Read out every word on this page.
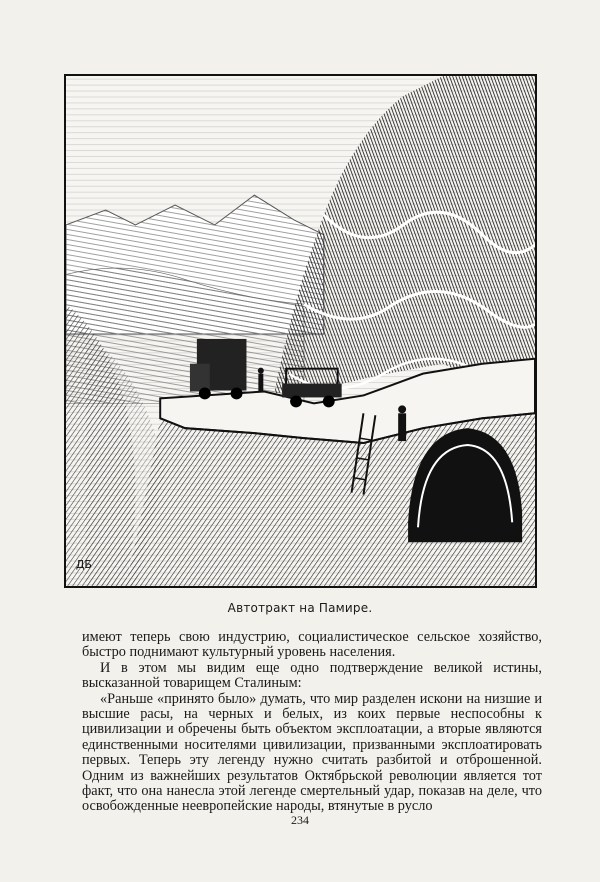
ДБ
Автотракт на Памире.

имеют теперь свою индустрию, социалистическое сельское хозяйство, быстро поднимают культурный уровень населения.

И в этом мы видим еще одно подтверждение великой истины, высказанной товарищем Сталиным:

«Раньше «принято было» думать, что мир разделен искони на низшие и высшие расы, на черных и белых, из коих первые неспособны к цивилизации и обречены быть объектом эксплоатации, а вторые являются единственными носителями цивилизации, призванными эксплоатировать первых. Теперь эту легенду нужно считать разбитой и отброшенной. Одним из важнейших результатов Октябрьской революции является тот факт, что она нанесла этой легенде смертельный удар, показав на деле, что освобожденные неевропейские народы, втянутые в русло

234
